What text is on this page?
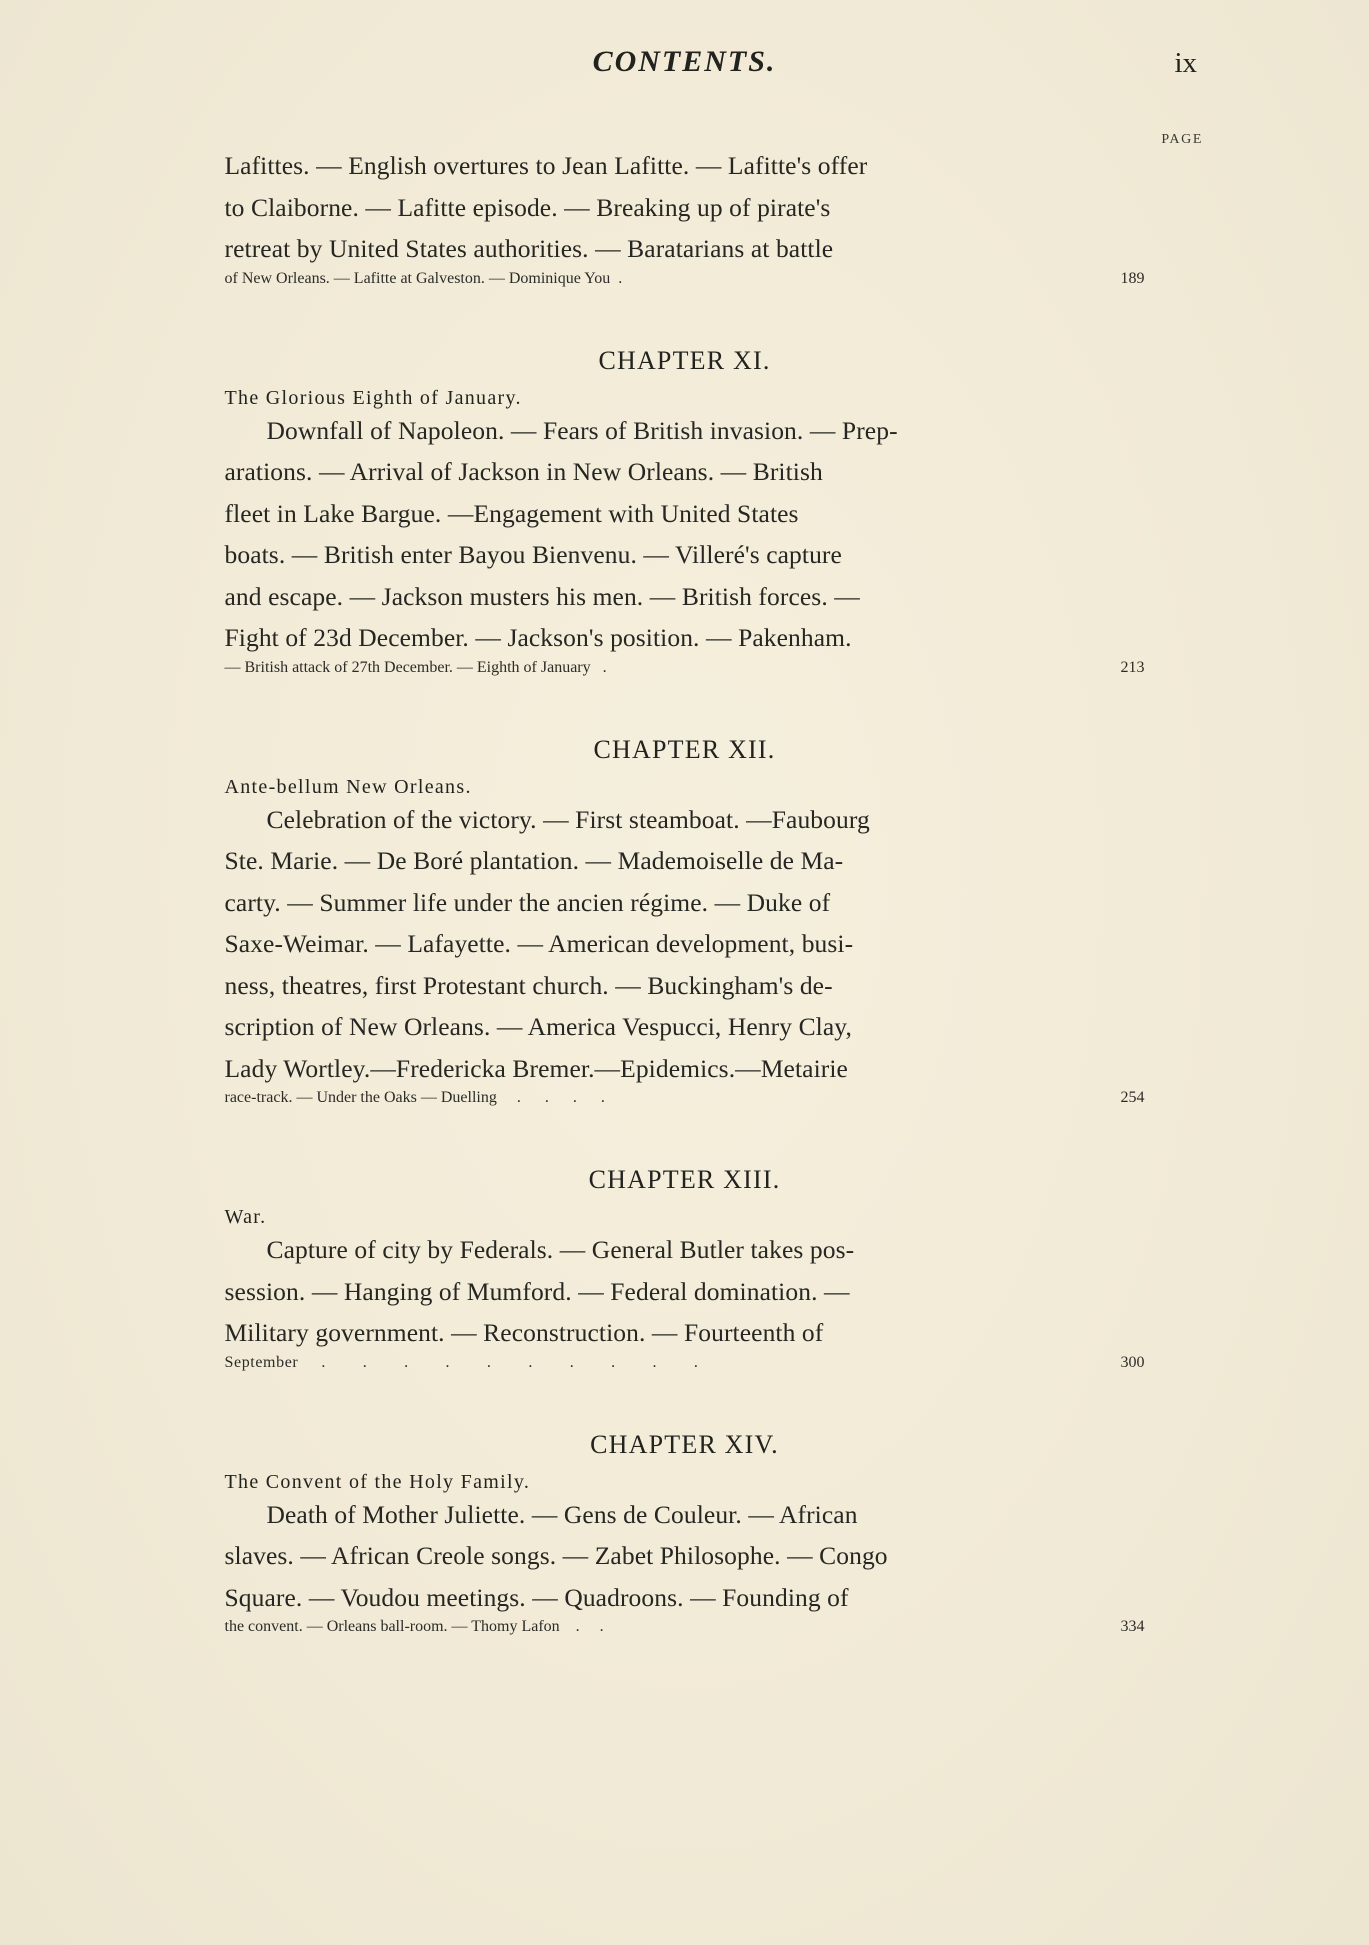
CONTENTS.	ix
PAGE

Lafittes. — English overtures to Jean Lafitte. — Lafitte's offer

to Claiborne. — Lafitte episode. — Breaking up of pirate's

retreat by United States authorities. — Baratarians at battle

of New Orleans. — Lafitte at Galveston. — Dominique You  .	189
CHAPTER XI.
The Glorious Eighth of January.

Downfall of Napoleon. — Fears of British invasion. — Prep-

arations. — Arrival of Jackson in New Orleans. — British

fleet in Lake Bargue. —Engagement with United States

boats. — British enter Bayou Bienvenu. — Villeré's capture

and escape. — Jackson musters his men. — British forces. —

Fight of 23d December. — Jackson's position. — Pakenham.

— British attack of 27th December. — Eighth of January   .	213
CHAPTER XII.
Ante-bellum New Orleans.

Celebration of the victory. — First steamboat. —Faubourg

Ste. Marie. — De Boré plantation. — Mademoiselle de Ma-

carty. — Summer life under the ancien régime. — Duke of

Saxe-Weimar. — Lafayette. — American development, busi-

ness, theatres, first Protestant church. — Buckingham's de-

scription of New Orleans. — America Vespucci, Henry Clay,

Lady Wortley.—Fredericka Bremer.—Epidemics.—Metairie

race-track. — Under the Oaks — Duelling     .      .      .      .	254
CHAPTER XIII.
War.

Capture of city by Federals. — General Butler takes pos-

session. — Hanging of Mumford. — Federal domination. —

Military government. — Reconstruction. — Fourteenth of

September     .        .        .        .        .        .        .        .        .        .	300
CHAPTER XIV.
The Convent of the Holy Family.

Death of Mother Juliette. — Gens de Couleur. — African

slaves. — African Creole songs. — Zabet Philosophe. — Congo

Square. — Voudou meetings. — Quadroons. — Founding of

the convent. — Orleans ball-room. — Thomy Lafon    .     .	334
